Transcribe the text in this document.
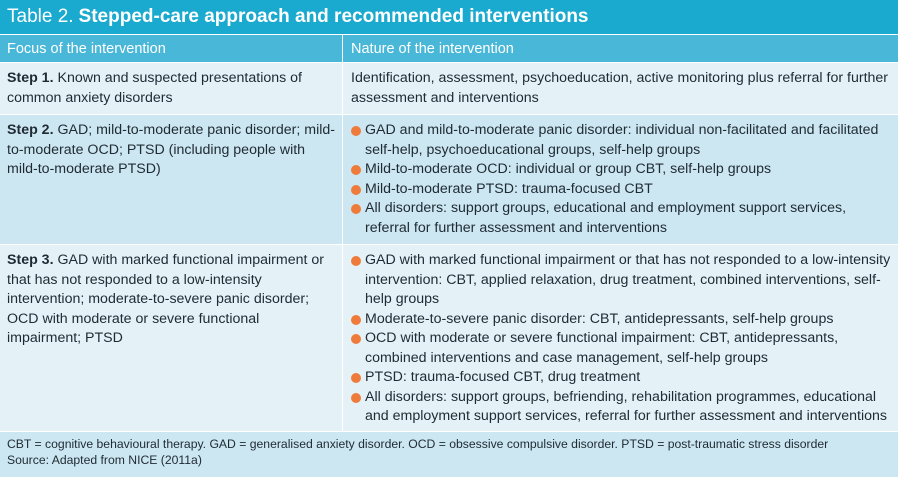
Table 2. Stepped-care approach and recommended interventions
Focus of the intervention	Nature of the intervention
Step 1. Known and suspected presentations of common anxiety disorders
Identification, assessment, psychoeducation, active monitoring plus referral for further assessment and interventions
Step 2. GAD; mild-to-moderate panic disorder; mild-to-moderate OCD; PTSD (including people with mild-to-moderate PTSD)
GAD and mild-to-moderate panic disorder: individual non-facilitated and facilitated self-help, psychoeducational groups, self-help groups
Mild-to-moderate OCD: individual or group CBT, self-help groups
Mild-to-moderate PTSD: trauma-focused CBT
All disorders: support groups, educational and employment support services, referral for further assessment and interventions
Step 3. GAD with marked functional impairment or that has not responded to a low-intensity intervention; moderate-to-severe panic disorder; OCD with moderate or severe functional impairment; PTSD
GAD with marked functional impairment or that has not responded to a low-intensity intervention: CBT, applied relaxation, drug treatment, combined interventions, self-help groups
Moderate-to-severe panic disorder: CBT, antidepressants, self-help groups
OCD with moderate or severe functional impairment: CBT, antidepressants, combined interventions and case management, self-help groups
PTSD: trauma-focused CBT, drug treatment
All disorders: support groups, befriending, rehabilitation programmes, educational and employment support services, referral for further assessment and interventions
CBT = cognitive behavioural therapy. GAD = generalised anxiety disorder. OCD = obsessive compulsive disorder. PTSD = post-traumatic stress disorder
Source: Adapted from NICE (2011a)
